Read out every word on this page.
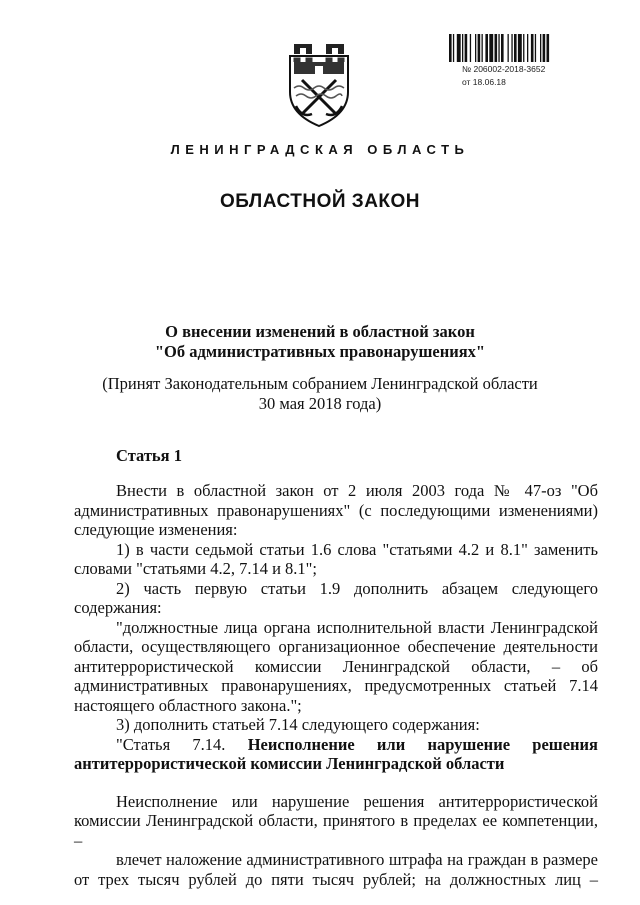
№ 206002-2018-3652
от 18.06.18
ЛЕНИНГРАДСКАЯ ОБЛАСТЬ
ОБЛАСТНОЙ ЗАКОН
О внесении изменений в областной закон
"Об административных правонарушениях"
(Принят Законодательным собранием Ленинградской области
30 мая 2018 года)
Статья 1

Внести в областной закон от 2 июля 2003 года № 47-оз "Об административных правонарушениях" (с последующими изменениями) следующие изменения:

1) в части седьмой статьи 1.6 слова "статьями 4.2 и 8.1" заменить словами "статьями 4.2, 7.14 и 8.1";

2) часть первую статьи 1.9 дополнить абзацем следующего содержания:

"должностные лица органа исполнительной власти Ленинградской области, осуществляющего организационное обеспечение деятельности антитеррористической комиссии Ленинградской области, – об административных правонарушениях, предусмотренных статьей 7.14 настоящего областного закона.";

3) дополнить статьей 7.14 следующего содержания:

"Статья 7.14. Неисполнение или нарушение решения антитеррористической комиссии Ленинградской области

Неисполнение или нарушение решения антитеррористической комиссии Ленинградской области, принятого в пределах ее компетенции, –

влечет наложение административного штрафа на граждан в размере от трех тысяч рублей до пяти тысяч рублей; на должностных лиц –
